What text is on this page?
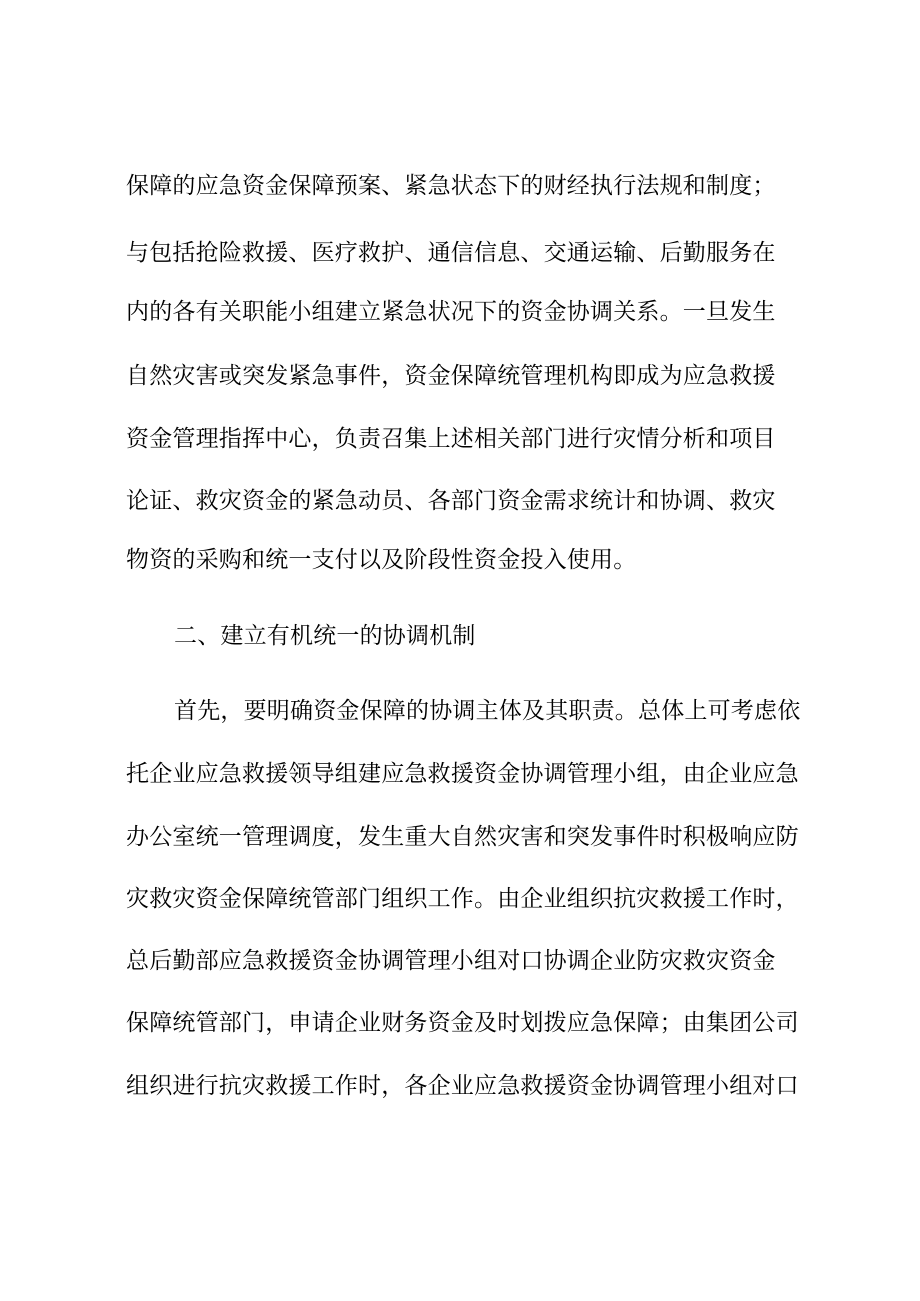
保障的应急资金保障预案、紧急状态下的财经执行法规和制度；
与包括抢险救援、医疗救护、通信信息、交通运输、后勤服务在
内的各有关职能小组建立紧急状况下的资金协调关系。一旦发生
自然灾害或突发紧急事件，资金保障统管理机构即成为应急救援
资金管理指挥中心，负责召集上述相关部门进行灾情分析和项目
论证、救灾资金的紧急动员、各部门资金需求统计和协调、救灾
物资的采购和统一支付以及阶段性资金投入使用。
二、建立有机统一的协调机制
首先，要明确资金保障的协调主体及其职责。总体上可考虑依
托企业应急救援领导组建应急救援资金协调管理小组，由企业应急
办公室统一管理调度，发生重大自然灾害和突发事件时积极响应防
灾救灾资金保障统管部门组织工作。由企业组织抗灾救援工作时，
总后勤部应急救援资金协调管理小组对口协调企业防灾救灾资金
保障统管部门，申请企业财务资金及时划拨应急保障；由集团公司
组织进行抗灾救援工作时，各企业应急救援资金协调管理小组对口
